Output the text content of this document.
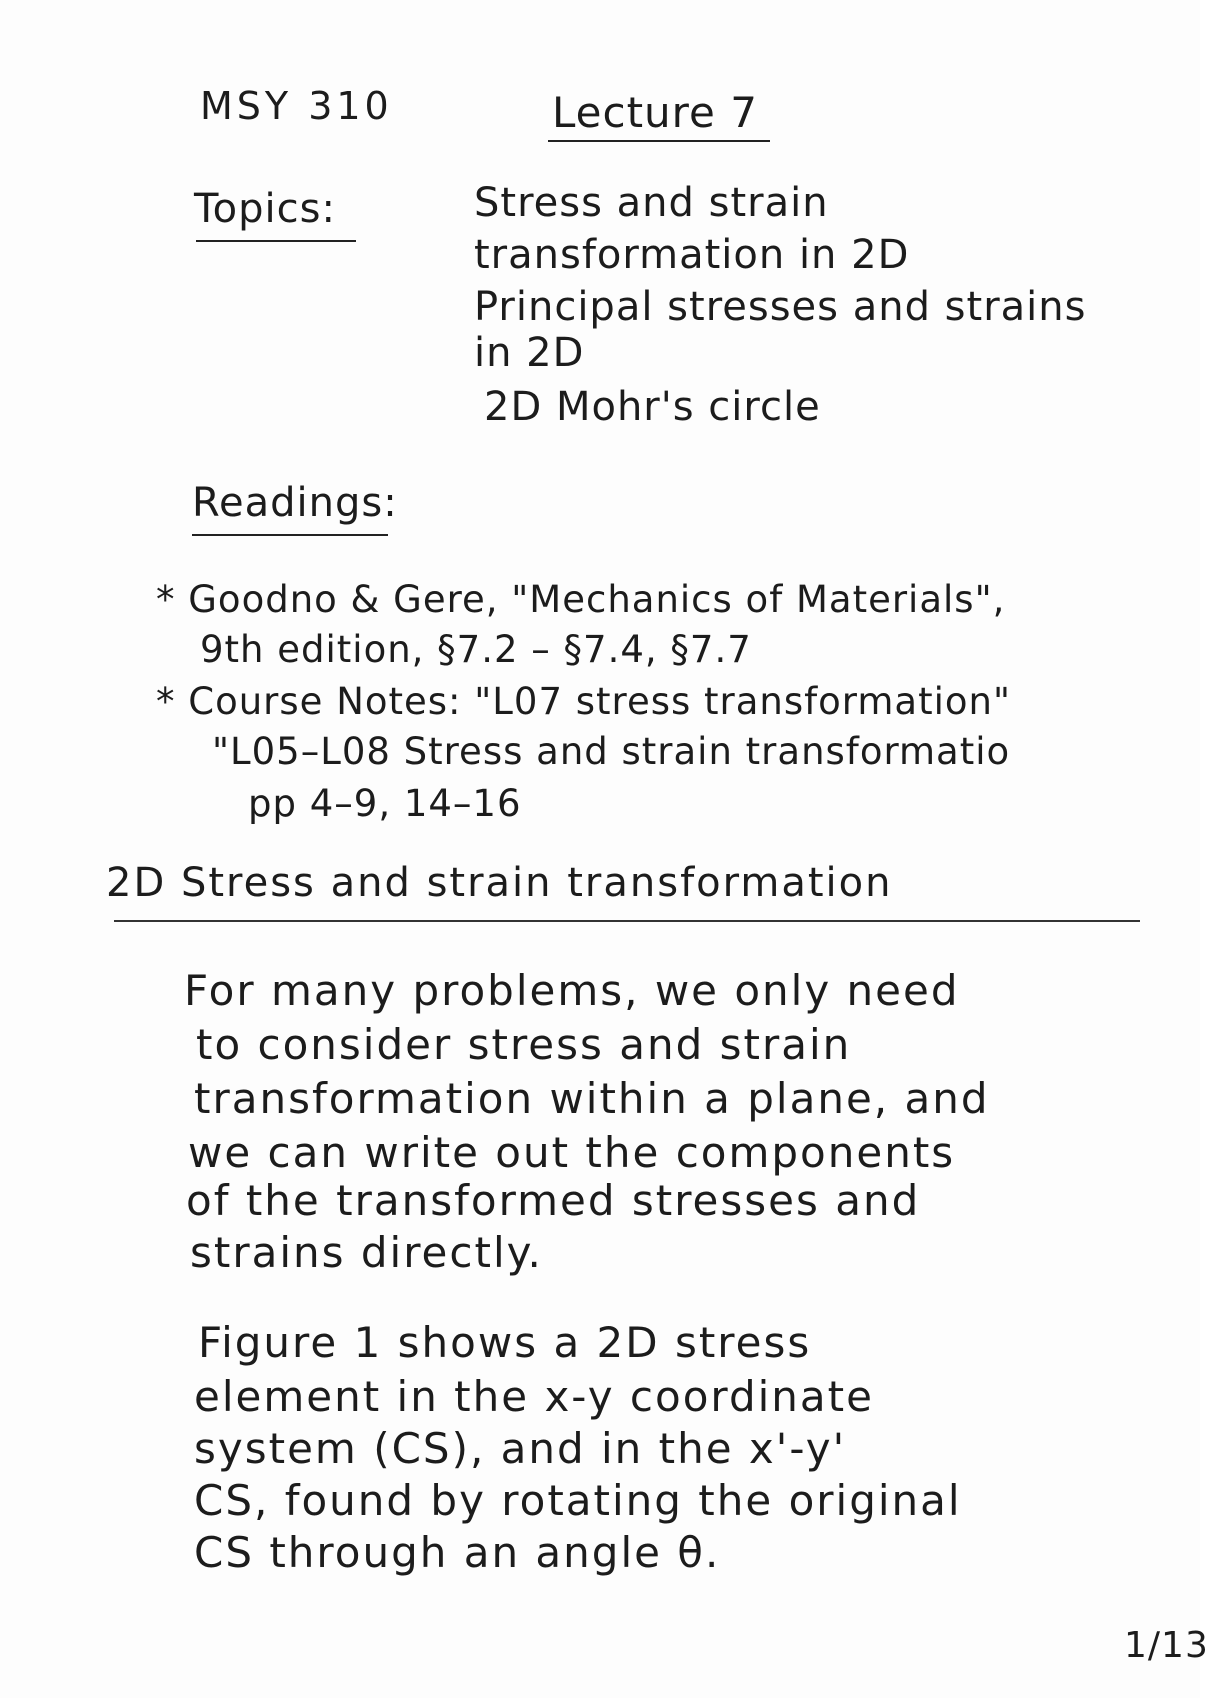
MSY 310	Lecture 7
Topics:	Stress and strain
transformation in 2D
Principal stresses and strains
in 2D
2D Mohr's circle
Readings:
* Goodno & Gere, "Mechanics of Materials",
9th edition, §7.2 – §7.4, §7.7
* Course Notes: "L07 stress transformation"
"L05–L08 Stress and strain transformatio
pp 4–9, 14–16
2D Stress and strain transformation
For many problems, we only need
to consider stress and strain
transformation within a plane, and
we can write out the components
of the transformed stresses and
strains directly.
Figure 1 shows a 2D stress
element in the x-y coordinate
system (CS), and in the x'-y'
CS, found by rotating the original
CS through an angle θ.
1/13
